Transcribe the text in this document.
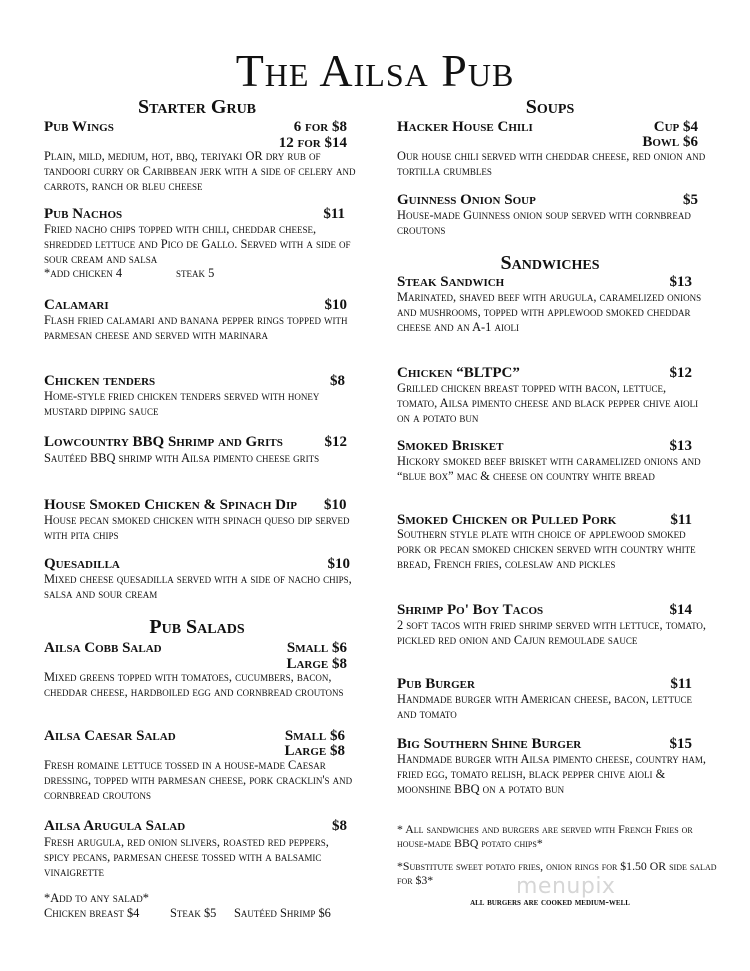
The Ailsa Pub
Starter Grub
Pub Wings	6 for $8
12 for $14
Plain, mild, medium, hot, bbq, teriyaki OR dry rub of tandoori curry or Caribbean jerk with a side of celery and carrots, ranch or bleu cheese
Pub Nachos	$11
Fried nacho chips topped with chili, cheddar cheese, shredded lettuce and Pico de Gallo. Served with a side of sour cream and salsa
*add chicken 4	steak 5
Calamari	$10
Flash fried calamari and banana pepper rings topped with parmesan cheese and served with marinara
Chicken tenders	$8
Home-style fried chicken tenders served with honey mustard dipping sauce
Lowcountry BBQ Shrimp and Grits	$12
Sautéed BBQ shrimp with Ailsa pimento cheese grits
House Smoked Chicken & Spinach Dip $10
House pecan smoked chicken with spinach queso dip served with pita chips
Quesadilla	$10
Mixed cheese quesadilla served with a side of nacho chips, salsa and sour cream
Pub Salads
Ailsa Cobb Salad	Small $6
Large $8
Mixed greens topped with tomatoes, cucumbers, bacon, cheddar cheese, hardboiled egg and cornbread croutons
Ailsa Caesar Salad	Small $6
Large $8
Fresh romaine lettuce tossed in a house-made Caesar dressing, topped with parmesan cheese, pork cracklin's and cornbread croutons
Ailsa Arugula Salad	$8
Fresh arugula, red onion slivers, roasted red peppers, spicy pecans, parmesan cheese tossed with a balsamic vinaigrette
*Add to any salad*
Chicken breast $4 Steak $5 Sautéed Shrimp $6
Soups
Hacker House Chili	Cup $4
Bowl $6
Our house chili served with cheddar cheese, red onion and tortilla crumbles
Guinness Onion Soup	$5
House-made Guinness onion soup served with cornbread croutons
Sandwiches
Steak Sandwich	$13
Marinated, shaved beef with arugula, caramelized onions and mushrooms, topped with applewood smoked cheddar cheese and an A-1 aioli
Chicken “BLTPC”	$12
Grilled chicken breast topped with bacon, lettuce, tomato, Ailsa pimento cheese and black pepper chive aioli on a potato bun
Smoked Brisket	$13
Hickory smoked beef brisket with caramelized onions and “blue box” mac & cheese on country white bread
Smoked Chicken or Pulled Pork	$11
Southern style plate with choice of applewood smoked pork or pecan smoked chicken served with country white bread, French fries, coleslaw and pickles
Shrimp Po' Boy Tacos	$14
2 soft tacos with fried shrimp served with lettuce, tomato, pickled red onion and Cajun remoulade sauce
Pub Burger	$11
Handmade burger with American cheese, bacon, lettuce and tomato
Big Southern Shine Burger	$15
Handmade burger with Ailsa pimento cheese, country ham, fried egg, tomato relish, black pepper chive aioli & moonshine BBQ on a potato bun
* All sandwiches and burgers are served with French Fries or house-made BBQ potato chips*
*Substitute sweet potato fries, onion rings for $1.50 OR side salad for $3*
all burgers are cooked medium-well
menupix
